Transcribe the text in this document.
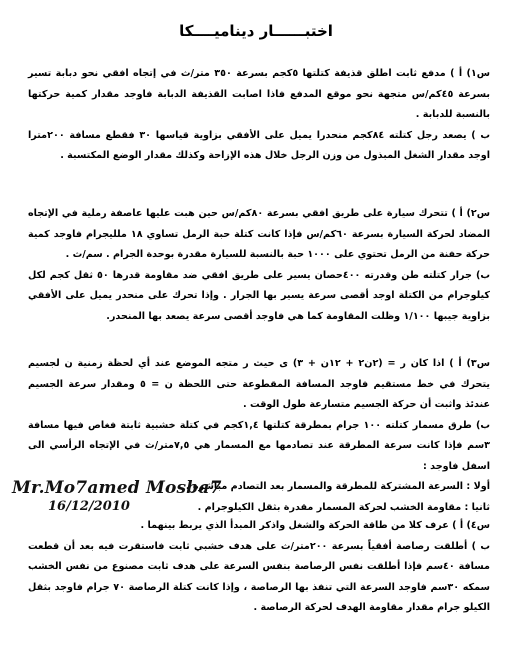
اختبــــــار ديناميــــكا

س١) أ ) مدفع ثابت اطلق قذيفة كتلتها ٥كجم بسرعة ٣٥٠ متر/ث في إتجاه افقي نحو دبابة تسير بسرعة ٤٥كم/س متجهة نحو موقع المدفع فاذا اصابت القذيفة الدبابة فاوجد مقدار كمية حركتها بالنسبة للدبابة .

ب ) يصعد رجل كتلته ٨٤كجم منحدرا يميل على الأفقي بزاوية قياسها ٣٠ فقطع مسافة ٢٠٠مترا اوجد مقدار الشغل المبذول من وزن الرجل خلال هذه الإزاحة وكذلك مقدار الوضع المكتسبة .

س٢) أ ) تتحرك سيارة على طريق افقي بسرعة ٨٠كم/س حين هبت عليها عاصفة رملية في الإتجاه المضاد لحركة السيارة بسرعة ٦٠كم/س فإذا كانت كتلة حبة الرمل تساوي ١٨ ملليجرام فاوجد كمية حركة حفنة من الرمل تحتوي على ١٠٠٠ حبة بالنسبة للسيارة مقدرة بوحدة الجرام . سم/ث .

ب) جرار كتلته طن وقدرته ٤٠٠حصان يسير على طريق افقي ضد مقاومة قدرها ٥٠ ثقل كجم لكل كيلوجرام من الكتلة اوجد أقصى سرعة يسير بها الجرار . وإذا تحرك على منحدر يميل على الأفقي بزاوية جيبها ١/١٠٠ وظلت المقاومة كما هي فاوجد أقصى سرعة يصعد بها المنحدر.

س٣) أ ) اذا كان ر = (٢ن٢ + ١٢ن + ٣) ى حيث ر متجه الموضع عند أي لحظة زمنية ن لجسيم يتحرك في خط مستقيم فاوجد المسافة المقطوعة حتى اللحظة ن = ٥ ومقدار سرعة الجسيم عندئذ واثبت أن حركة الجسيم متسارعة طول الوقت .

ب) طرق مسمار كتلته ١٠٠ جرام بمطرقة كتلتها ١,٤كجم في كتلة خشبية ثابتة فغاص فيها مسافة ٣سم فإذا كانت سرعة المطرقة عند تصادمها مع المسمار هي ٧,٥متر/ث في الإتجاه الرأسي الى اسفل فاوجد :

أولا : السرعة المشتركة للمطرقة والمسمار بعد التصادم مباشرة .

ثانيا : مقاومة الخشب لحركة المسمار مقدرة بثقل الكيلوجرام .

س٤) أ ) عرف كلا من طاقة الحركة والشغل واذكر المبدأ الذي يربط بينهما .

ب ) أطلقت رصاصة أفقياً بسرعة ٢٠٠متر/ث على هدف خشبي ثابت فاستقرت فيه بعد أن قطعت مسافة ٤٠سم فإذا أطلقت نفس الرصاصة بنفس السرعة على هدف ثابت مصنوع من نفس الخشب سمكه ٣٠سم فاوجد السرعة التي تنفذ بها الرصاصة ، وإذا كانت كتلة الرصاصة ٧٠ جرام فاوجد بثقل الكيلو جرام مقدار مقاومة الهدف لحركة الرصاصة .

Mr.Mo7amed Mosba7
16/12/2010
